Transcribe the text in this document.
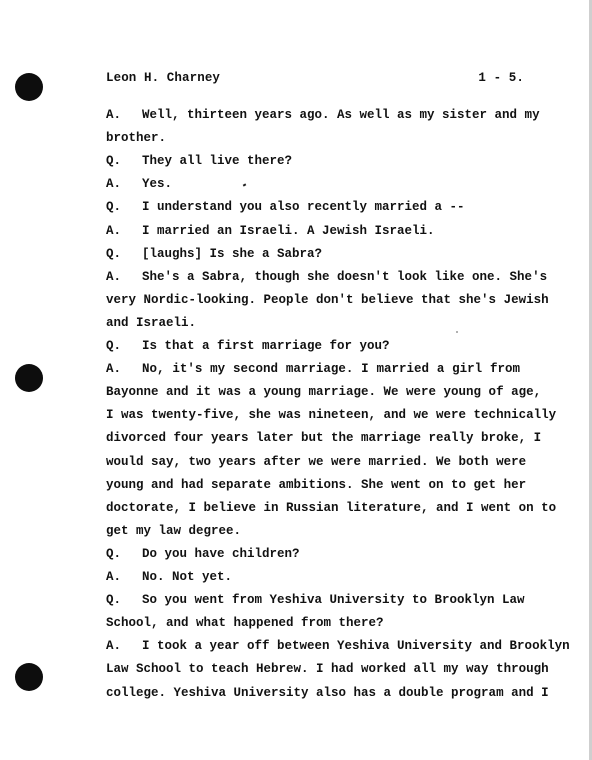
Leon H. Charney	1 - 5.
A. Well, thirteen years ago. As well as my sister and my
brother.
Q. They all live there?
A. Yes.
Q. I understand you also recently married a --
A. I married an Israeli. A Jewish Israeli.
Q. [laughs] Is she a Sabra?
A. She's a Sabra, though she doesn't look like one. She's
very Nordic-looking. People don't believe that she's Jewish
and Israeli.
Q. Is that a first marriage for you?
A. No, it's my second marriage. I married a girl from
Bayonne and it was a young marriage. We were young of age,
I was twenty-five, she was nineteen, and we were technically
divorced four years later but the marriage really broke, I
would say, two years after we were married. We both were
young and had separate ambitions. She went on to get her
doctorate, I believe in Russian literature, and I went on to
get my law degree.
Q. Do you have children?
A. No. Not yet.
Q. So you went from Yeshiva University to Brooklyn Law
School, and what happened from there?
A. I took a year off between Yeshiva University and Brooklyn
Law School to teach Hebrew. I had worked all my way through
college. Yeshiva University also has a double program and I
